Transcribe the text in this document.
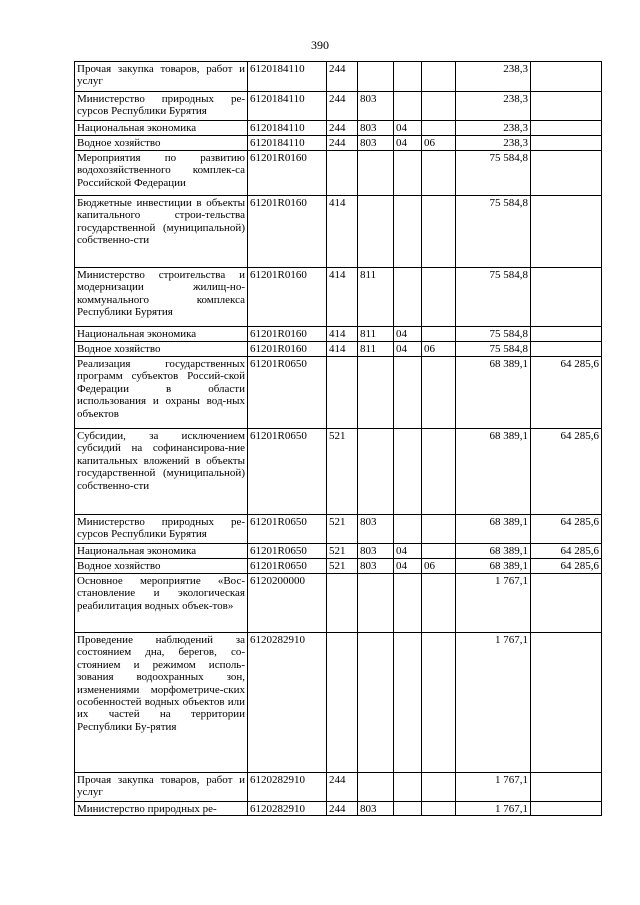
390
Прочая закупка товаров, работ и услуг	6120184110	244				238,3	
Министерство природных ре-сурсов Республики Бурятия	6120184110	244	803			238,3	
Национальная экономика	6120184110	244	803	04		238,3	
Водное хозяйство	6120184110	244	803	04	06	238,3	
Мероприятия по развитию водохозяйственного комплек-са Российской Федерации	61201R0160					75 584,8	
Бюджетные инвестиции в объекты капитального строи-тельства государственной (муниципальной) собственно-сти	61201R0160	414				75 584,8	
Министерство строительства и модернизации жилищ-но-коммунального комплекса Республики Бурятия	61201R0160	414	811			75 584,8	
Национальная экономика	61201R0160	414	811	04		75 584,8	
Водное хозяйство	61201R0160	414	811	04	06	75 584,8	
Реализация государственных программ субъектов Россий-ской Федерации в области использования и охраны вод-ных объектов	61201R0650					68 389,1	64 285,6
Субсидии, за исключением субсидий на софинансирова-ние капитальных вложений в объекты государственной (муниципальной) собственно-сти	61201R0650	521				68 389,1	64 285,6
Министерство природных ре-сурсов Республики Бурятия	61201R0650	521	803			68 389,1	64 285,6
Национальная экономика	61201R0650	521	803	04		68 389,1	64 285,6
Водное хозяйство	61201R0650	521	803	04	06	68 389,1	64 285,6
Основное мероприятие «Вос-становление и экологическая реабилитация водных объек-тов»	6120200000					1 767,1	
Проведение наблюдений за состоянием дна, берегов, со-стоянием и режимом исполь-зования водоохранных зон, изменениями морфометриче-ских особенностей водных объектов или их частей на территории Республики Бу-рятия	6120282910					1 767,1	
Прочая закупка товаров, работ и услуг	6120282910	244				1 767,1	
Министерство природных ре-	6120282910	244	803			1 767,1	
